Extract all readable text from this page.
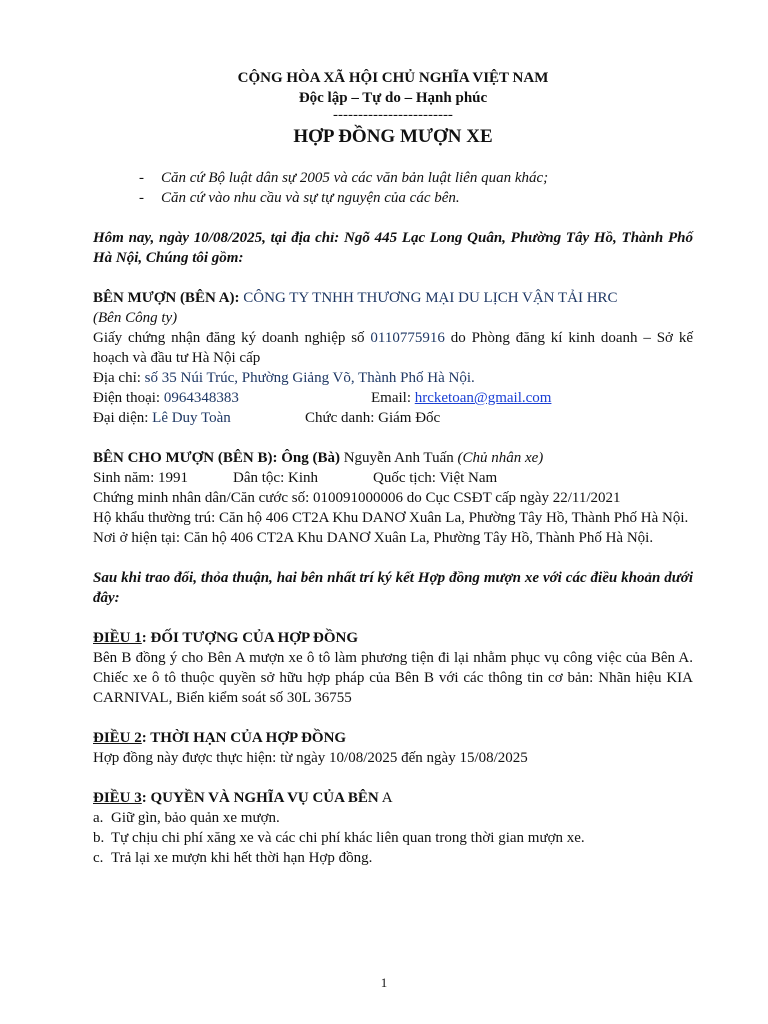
CỘNG HÒA XÃ HỘI CHỦ NGHĨA VIỆT NAM
Độc lập – Tự do – Hạnh phúc
------------------------
HỢP ĐỒNG MƯỢN XE
- Căn cứ Bộ luật dân sự 2005 và các văn bản luật liên quan khác;
- Căn cứ vào nhu cầu và sự tự nguyện của các bên.
Hôm nay, ngày 10/08/2025, tại địa chỉ: Ngõ 445 Lạc Long Quân, Phường Tây Hồ, Thành Phố Hà Nội, Chúng tôi gồm:
BÊN MƯỢN (BÊN A): CÔNG TY TNHH THƯƠNG MẠI DU LỊCH VẬN TẢI HRC
(Bên Công ty)
Giấy chứng nhận đăng ký doanh nghiệp số 0110775916 do Phòng đăng kí kinh doanh – Sở kế hoạch và đầu tư Hà Nội cấp
Địa chỉ: số 35 Núi Trúc, Phường Giảng Võ, Thành Phố Hà Nội.
Điện thoại: 0964348383	Email: hrcketoan@gmail.com
Đại diện: Lê Duy Toàn	Chức danh: Giám Đốc
BÊN CHO MƯỢN (BÊN B): Ông (Bà) Nguyễn Anh Tuấn (Chủ nhân xe)
Sinh năm: 1991	Dân tộc: Kinh	Quốc tịch: Việt Nam
Chứng minh nhân dân/Căn cước số: 010091000006 do Cục CSĐT cấp ngày 22/11/2021
Hộ khẩu thường trú: Căn hộ 406 CT2A Khu DANƠ Xuân La, Phường Tây Hồ, Thành Phố Hà Nội.
Nơi ở hiện tại: Căn hộ 406 CT2A Khu DANƠ Xuân La, Phường Tây Hồ, Thành Phố Hà Nội.
Sau khi trao đổi, thỏa thuận, hai bên nhất trí ký kết Hợp đồng mượn xe với các điều khoản dưới đây:
ĐIỀU 1: ĐỐI TƯỢNG CỦA HỢP ĐỒNG
Bên B đồng ý cho Bên A mượn xe ô tô làm phương tiện đi lại nhằm phục vụ công việc của Bên A. Chiếc xe ô tô thuộc quyền sở hữu hợp pháp của Bên B với các thông tin cơ bản: Nhãn hiệu KIA CARNIVAL, Biển kiểm soát số 30L 36755
ĐIỀU 2: THỜI HẠN CỦA HỢP ĐỒNG
Hợp đồng này được thực hiện: từ ngày 10/08/2025 đến ngày 15/08/2025
ĐIỀU 3: QUYỀN VÀ NGHĨA VỤ CỦA BÊN A
a. Giữ gìn, bảo quản xe mượn.
b. Tự chịu chi phí xăng xe và các chi phí khác liên quan trong thời gian mượn xe.
c. Trả lại xe mượn khi hết thời hạn Hợp đồng.
1
